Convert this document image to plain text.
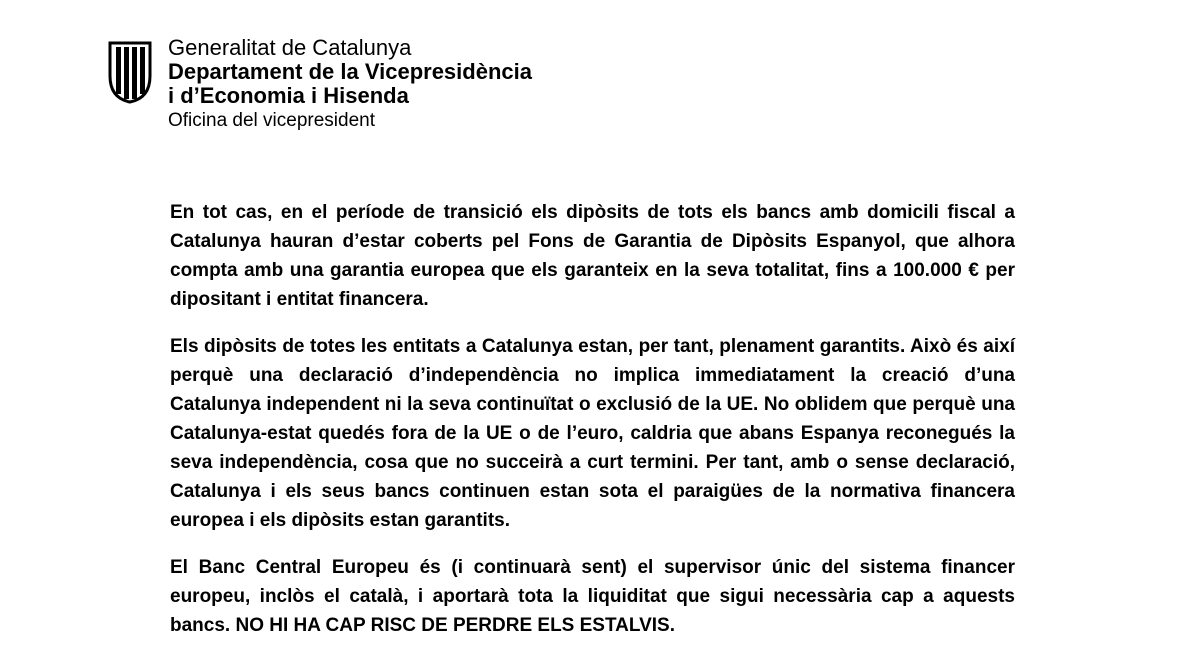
Generalitat de Catalunya
Departament de la Vicepresidència
i d’Economia i Hisenda
Oficina del vicepresident

En tot cas, en el període de transició els dipòsits de tots els bancs amb domicili fiscal a Catalunya hauran d’estar coberts pel Fons de Garantia de Dipòsits Espanyol, que alhora compta amb una garantia europea que els garanteix en la seva totalitat, fins a 100.000 € per dipositant i entitat financera.

Els dipòsits de totes les entitats a Catalunya estan, per tant, plenament garantits. Això és així perquè una declaració d’independència no implica immediatament la creació d’una Catalunya independent ni la seva continuïtat o exclusió de la UE. No oblidem que perquè una Catalunya-estat quedés fora de la UE o de l’euro, caldria que abans Espanya reconegués la seva independència, cosa que no succeirà a curt termini. Per tant, amb o sense declaració, Catalunya i els seus bancs continuen estan sota el paraigües de la normativa financera europea i els dipòsits estan garantits.

El Banc Central Europeu és (i continuarà sent) el supervisor únic del sistema financer europeu, inclòs el català, i aportarà tota la liquiditat que sigui necessària cap a aquests bancs. NO HI HA CAP RISC DE PERDRE ELS ESTALVIS.
